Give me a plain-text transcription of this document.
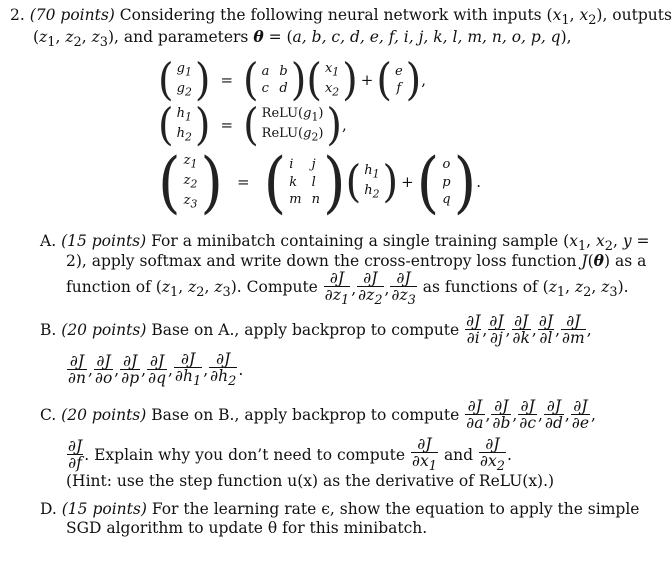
2. (70 points) Considering the following neural network with inputs ($x_1$, $x_2$), outputs
($z_1$, $z_2$, $z_3$), and parameters θ = (a, b, c, d, e, f, i, j, k, l, m, n, o, p, q),
( $g_1$
$g_2$ ) = ( a b
c d ) ( $x_1$
$x_2$ ) + ( e
f ) ,
( $h_1$
$h_2$ ) = ( $ReLU(g_1)$
$ReLU(g_2)$ ) ,
( $z_1$
$z_2$
$z_3$ ) = ( i	j
k	l
m n ) ( $h_1$
$h_2$ ) + ( o
p
q ) .
A. (15 points) For a minibatch containing a single training sample ($x_1$, $x_2$, y =
2), apply softmax and write down the cross-entropy loss function J(θ) as a
function of ($z_1$, $z_2$, $z_3$). Compute $\frac{\partial J}{\partial z_1}$ , $\frac{\partial J}{\partial z_2}$ , $\frac{\partial J}{\partial z_3}$ as functions of ($z_1$, $z_2$, $z_3$).
B. (20 points) Base on A., apply backprop to compute $\frac{\partial J}{\partial i}$ , $\frac{\partial J}{\partial j}$ , $\frac{\partial J}{\partial k}$ , $\frac{\partial J}{\partial l}$ , $\frac{\partial J}{\partial m}$ ,
$\frac{\partial J}{\partial n}$ , $\frac{\partial J}{\partial o}$ , $\frac{\partial J}{\partial p}$ , $\frac{\partial J}{\partial q}$ , $\frac{\partial J}{\partial h_1}$ , $\frac{\partial J}{\partial h_2}$ .
C. (20 points) Base on B., apply backprop to compute $\frac{\partial J}{\partial a}$ , $\frac{\partial J}{\partial b}$ , $\frac{\partial J}{\partial c}$ , $\frac{\partial J}{\partial d}$ , $\frac{\partial J}{\partial e}$ ,
$\frac{\partial J}{\partial f}$ . Explain why you don’t need to compute
$\frac{\partial J}{\partial x_1}$
and
$\frac{\partial J}{\partial x_2}$ .
(Hint: use the step function u(x) as the derivative of ReLU(x).)
D. (15 points) For the learning rate ϵ, show the equation to apply the simple
SGD algorithm to update θ for this minibatch.
